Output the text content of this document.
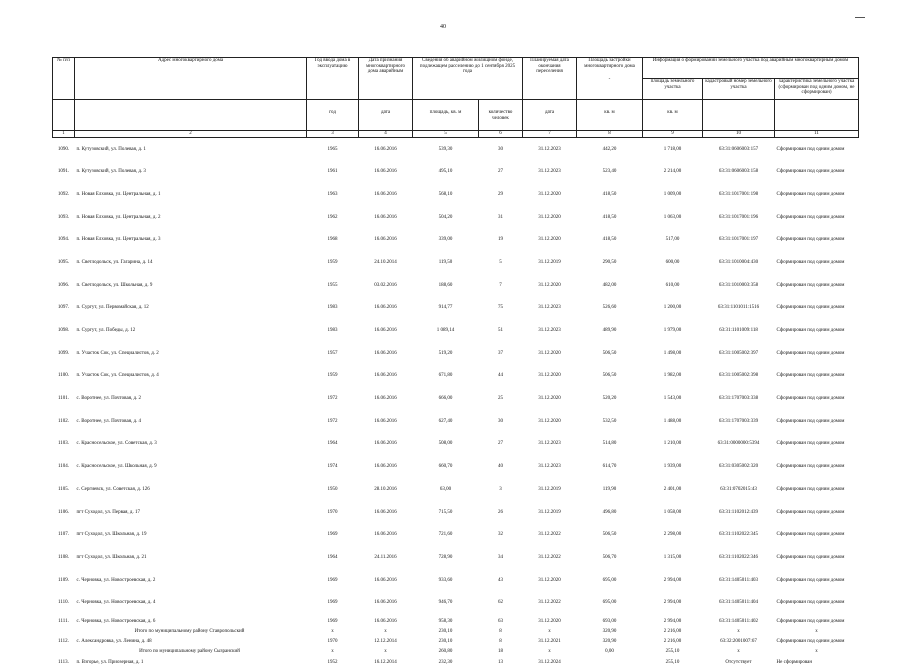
40
№ п/п	Адрес многоквартирного дома	Год ввода дома в эксплуатацию	Дата признания многоквартирного дома аварийным	Сведения об аварийном жилищном фонде, подлежащем расселению до 1 сентября 2025 года		Планируемая дата окончания переселения	Площадь застройки многоквартирного дома
-	Информация о формировании земельного участка под аварийным многоквартирным домом		
								площадь земельного участка	кадастровый номер земельного участка	характеристика земельного участка (сформирован под одним домом, не сформирован)
		год	дата	площадь, кв. м	количество человек	дата	кв. м	кв. м		
1	2	3	4	5	6	7	8	9	10	11
1090.	п. Кутузовский, ул. Полевая, д. 1	1965	16.06.2016	539,30	30	31.12.2023	442,20	1 718,00	63:31:0606003:157	Сформирован под одним домом
1091.	п. Кутузовский, ул. Полевая, д. 3	1961	16.06.2016	495,10	27	31.12.2023	523,40	2 214,00	63:31:0606003:158	Сформирован под одним домом
1092.	п. Новая Елховка, ул. Центральная, д. 1	1963	16.06.2016	568,10	29	31.12.2020	418,50	1 009,00	63:31:1017001:198	Сформирован под одним домом
1093.	п. Новая Елховка, ул. Центральная, д. 2	1962	16.06.2016	504,20	31	31.12.2020	418,50	1 063,00	63:31:1017001:196	Сформирован под одним домом
1094.	п. Новая Елховка, ул. Центральная, д. 3	1968	16.06.2016	339,00	19	31.12.2020	418,50	517,00	63:31:1017001:197	Сформирован под одним домом
1095.	п. Светлодольск, ул. Гагарина, д. 14	1959	24.10.2014	119,50	5	31.12.2019	290,50	600,00	63:31:1010004:430	Сформирован под одним домом
1096.	п. Светлодольск, ул. Школьная, д. 9	1955	03.02.2016	188,60	7	31.12.2020	482,00	610,00	63:31:1010003:358	Сформирован под одним домом
1097.	п. Сургут, ул. Первомайская, д. 12	1983	16.06.2016	914,77	75	31.12.2023	526,60	1 200,00	63:31:1101011:1516	Сформирован под одним домом
1098.	п. Сургут, ул. Победы, д. 12	1983	16.06.2016	1 089,14	51	31.12.2023	489,90	1 979,00	63:31:1101009:118	Сформирован под одним домом
1099.	п. Участок Сок, ул. Специалистов, д. 2	1957	16.06.2016	519,20	37	31.12.2020	506,50	1 498,00	63:31:1005002:397	Сформирован под одним домом
1100.	п. Участок Сок, ул. Специалистов, д. 4	1959	16.06.2016	671,80	44	31.12.2020	506,50	1 982,00	63:31:1005002:398	Сформирован под одним домом
1101.	с. Воротнее, ул. Почтовая, д. 2	1972	16.06.2016	666,00	25	31.12.2020	520,20	1 543,00	63:31:1707003:338	Сформирован под одним домом
1102.	с. Воротнее, ул. Почтовая, д. 4	1972	16.06.2016	627,40	30	31.12.2020	532,50	1 488,00	63:31:1707003:339	Сформирован под одним домом
1103.	с. Красносельское, ул. Советская, д. 3	1964	16.06.2016	508,00	27	31.12.2023	514,80	1 210,00	63:31:0000000:5394	Сформирован под одним домом
1104.	с. Красносельское, ул. Школьная, д. 9	1974	16.06.2016	660,70	40	31.12.2023	614,70	1 939,00	63:31:0305002:320	Сформирован под одним домом
1105.	с. Сергиевск, ул. Советская, д. 126	1950	28.10.2016	63,00	3	31.12.2019	119,90	2 401,00	63:31:0702015:43	Сформирован под одним домом
1106.	пгт Суходол, ул. Первая, д. 17	1970	16.06.2016	715,50	26	31.12.2019	496,80	1 058,00	63:31:1102012:439	Сформирован под одним домом
1107.	пгт Суходол, ул. Школьная, д. 19	1969	16.06.2016	721,60	32	31.12.2022	506,50	2 298,00	63:31:1102022:345	Сформирован под одним домом
1108.	пгт Суходол, ул. Школьная, д. 21	1964	24.11.2016	728,90	34	31.12.2022	506,70	1 315,00	63:31:1102022:346	Сформирован под одним домом
1109.	с. Черновка, ул. Новостроевская, д. 2	1969	16.06.2016	933,60	43	31.12.2020	695,00	2 994,00	63:31:1405011:403	Сформирован под одним домом
1110.	с. Черновка, ул. Новостроевская, д. 4	1969	16.06.2016	946,70	62	31.12.2022	695,00	2 994,00	63:31:1405011:404	Сформирован под одним домом
1111.	с. Черновка, ул. Новостроевская, д. 6	1969	16.06.2016	958,30	63	31.12.2020	693,00	2 994,00	63:31:1405011:402	Сформирован под одним домом
	Итого по муниципальному району Ставропольский	x	x	230,10	8	x	320,90	2 216,00	x	x
1112.	с. Александровка, ул. Ленина, д. 48	1970	12.12.2014	230,10	8	31.12.2021	320,90	2 216,00	63:32:2001007:67	Сформирован под одним домом
	Итого по муниципальному району Сызранский	x	x	260,80	18	x	0,00	255,10	x	x
1113.	п. Взгорье, ул. Приозерная, д. 1	1952	16.12.2014	232,30	13	31.12.2024		255,10	Отсутствует	Не сформирован
